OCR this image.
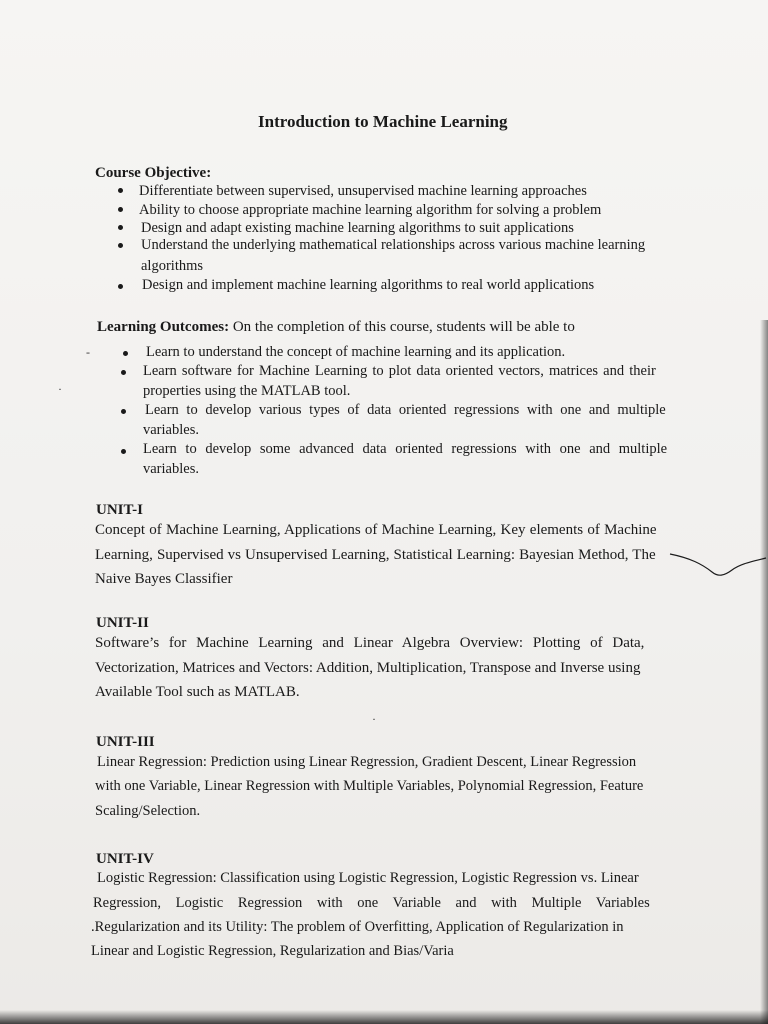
Introduction to Machine Learning
Course Objective:
Differentiate between supervised, unsupervised machine learning approaches
Ability to choose appropriate machine learning algorithm for solving a problem
Design and adapt existing machine learning algorithms to suit applications
Understand the underlying mathematical relationships across various machine learning
algorithms
Design and implement machine learning algorithms to real world applications
Learning Outcomes: On the completion of this course, students will be able to
-	Learn to understand the concept of machine learning and its application.
Learn software for Machine Learning to plot data oriented vectors, matrices and their
·	properties using the MATLAB tool.
Learn to develop various types of data oriented regressions with one and multiple
variables.
Learn to develop some advanced data oriented regressions with one and multiple
variables.
UNIT-I
Concept of Machine Learning, Applications of Machine Learning, Key elements of Machine
Learning, Supervised vs Unsupervised Learning, Statistical Learning: Bayesian Method, The
Naive Bayes Classifier
UNIT-II
Software’s for Machine Learning and Linear Algebra Overview: Plotting of Data,
Vectorization, Matrices and Vectors: Addition, Multiplication, Transpose and Inverse using
Available Tool such as MATLAB.
·
UNIT-III
Linear Regression: Prediction using Linear Regression, Gradient Descent, Linear Regression
with one Variable, Linear Regression with Multiple Variables, Polynomial Regression, Feature
Scaling/Selection.
UNIT-IV
Logistic Regression: Classification using Logistic Regression, Logistic Regression vs. Linear
Regression, Logistic Regression with one Variable and with Multiple Variables
.Regularization and its Utility: The problem of Overfitting, Application of Regularization in
Linear and Logistic Regression, Regularization and Bias/Varia
